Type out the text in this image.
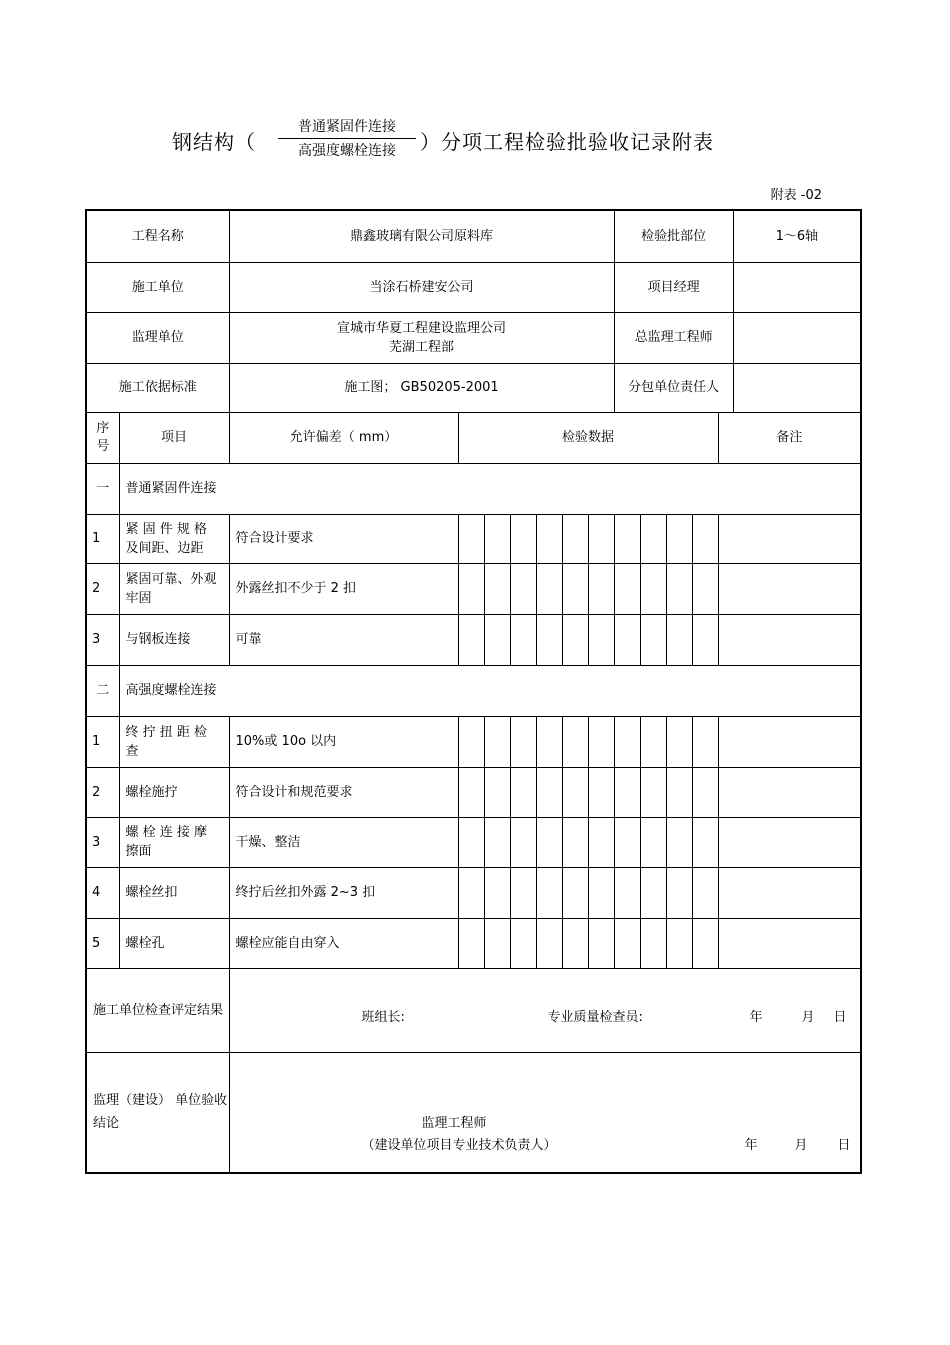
钢结构（
普通紧固件连接
高强度螺栓连接	）分项工程检验批验收记录附表
附表 -02
工程名称		鼎鑫玻璃有限公司原料库							检验批部位					1～6轴
施工单位		当涂石桥建安公司							项目经理					
监理单位		宣城市华夏工程建设监理公司
芜湖工程部							总监理工程师					
施工依据标准		施工图； GB50205-2001							分包单位责任人					
序号	项目	允许偏差（ mm）	检验数据										备注	
一	普通紧固件连接													
1	紧 固 件 规 格 及间距、边距	符合设计要求												
2	紧固可靠、外观牢固	外露丝扣不少于 2 扣												
3	与钢板连接	可靠												
二	高强度螺栓连接													
1	终 拧 扭 距 检 查	10%或 10o 以内												
2	螺栓施拧	符合设计和规范要求												
3	螺 栓 连 接 摩 擦面	干燥、整洁												
4	螺栓丝扣	终拧后丝扣外露 2~3 扣												
5	螺栓孔	螺栓应能自由穿入												
施工单位检查评定结果		班组长: 专业质量检查员: 年 月 日												

监理（建设） 单位验收结论		监理工程师
（建设单位项目专业技术负责人） 年 月 日												
